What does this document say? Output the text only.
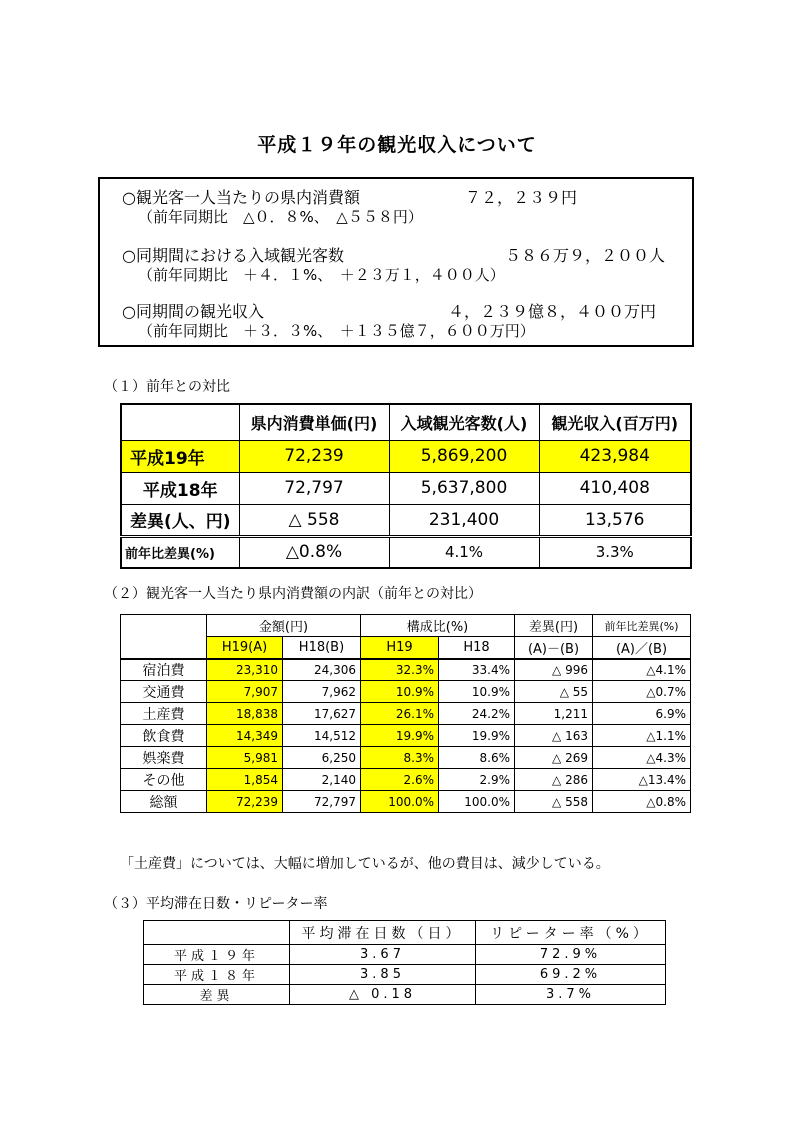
平成１９年の観光収入について
○観光客一人当たりの県内消費額	７２，２３９円
（前年同期比　△０．８%、　△５５８円）
○同期間における入域観光客数	５８６万９，２００人
（前年同期比　＋４．１%、　＋２３万１，４００人）
○同期間の観光収入	４，２３９億８，４００万円
（前年同期比　＋３．３%、　＋１３５億７，６００万円）
（１）前年との対比
	県内消費単価(円)	入域観光客数(人)	観光収入(百万円)
平成19年	72,239	5,869,200	423,984
平成18年	72,797	5,637,800	410,408
差異(人、円)	△ 558	231,400	13,576
前年比差異(%)	△0.8%	4.1%	3.3%
（２）観光客一人当たり県内消費額の内訳（前年との対比）
	金額(円)		構成比(%)		差異(円)	前年比差異(%)
	H19(A)	H18(B)	H19	H18	(A)－(B)	(A)／(B)
宿泊費	23,310	24,306	32.3%	33.4%	△ 996	△4.1%
交通費	7,907	7,962	10.9%	10.9%	△ 55	△0.7%
土産費	18,838	17,627	26.1%	24.2%	1,211	6.9%
飲食費	14,349	14,512	19.9%	19.9%	△ 163	△1.1%
娯楽費	5,981	6,250	8.3%	8.6%	△ 269	△4.3%
その他	1,854	2,140	2.6%	2.9%	△ 286	△13.4%
総額	72,239	72,797	100.0%	100.0%	△ 558	△0.8%
「土産費」については、大幅に増加しているが、他の費目は、減少している。
（３）平均滞在日数・リピーター率
	平均滞在日数（日）	リピーター率（%）
平成１９年	3.67	72.9%
平成１８年	3.85	69.2%
差異	△ 0.18	3.7%
